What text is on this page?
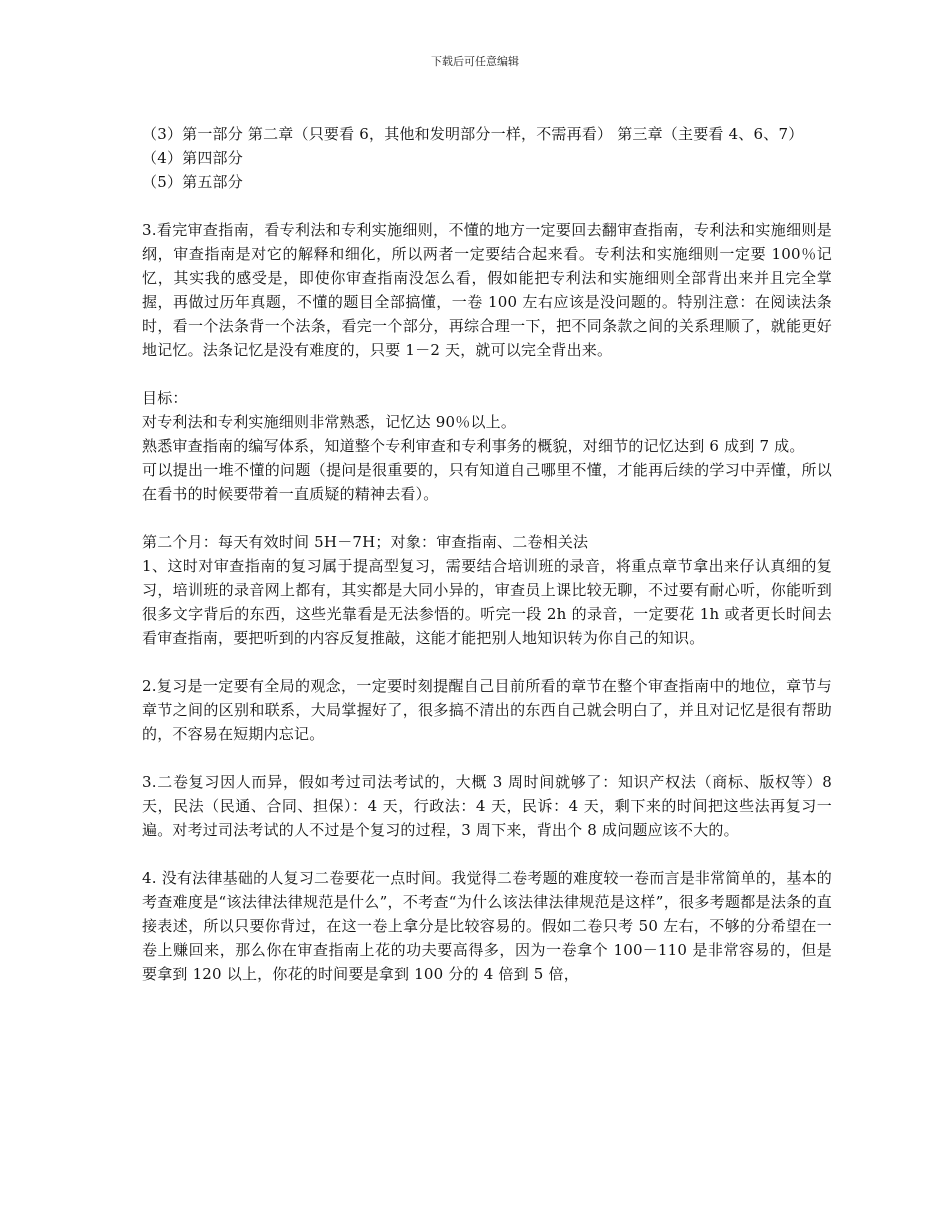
下载后可任意编辑

（3）第一部分 第二章（只要看 6，其他和发明部分一样，不需再看） 第三章（主要看 4、6、7）

（4）第四部分

（5）第五部分

3.看完审查指南，看专利法和专利实施细则，不懂的地方一定要回去翻审查指南，专利法和实施细则是纲，审查指南是对它的解释和细化，所以两者一定要结合起来看。专利法和实施细则一定要 100％记忆，其实我的感受是，即使你审查指南没怎么看，假如能把专利法和实施细则全部背出来并且完全掌握，再做过历年真题，不懂的题目全部搞懂，一卷 100 左右应该是没问题的。特别注意：在阅读法条时，看一个法条背一个法条，看完一个部分，再综合理一下，把不同条款之间的关系理顺了，就能更好地记忆。法条记忆是没有难度的，只要 1－2 天，就可以完全背出来。

目标：

对专利法和专利实施细则非常熟悉，记忆达 90％以上。

熟悉审查指南的编写体系，知道整个专利审查和专利事务的概貌，对细节的记忆达到 6 成到 7 成。

可以提出一堆不懂的问题（提问是很重要的，只有知道自己哪里不懂，才能再后续的学习中弄懂，所以在看书的时候要带着一直质疑的精神去看）。

第二个月：每天有效时间 5H－7H；对象：审查指南、二卷相关法

1、这时对审查指南的复习属于提高型复习，需要结合培训班的录音，将重点章节拿出来仔认真细的复习，培训班的录音网上都有，其实都是大同小异的，审查员上课比较无聊，不过要有耐心听，你能听到很多文字背后的东西，这些光靠看是无法参悟的。听完一段 2h 的录音，一定要花 1h 或者更长时间去看审查指南，要把听到的内容反复推敲，这能才能把别人地知识转为你自己的知识。

2.复习是一定要有全局的观念，一定要时刻提醒自己目前所看的章节在整个审查指南中的地位，章节与章节之间的区别和联系，大局掌握好了，很多搞不清出的东西自己就会明白了，并且对记忆是很有帮助的，不容易在短期内忘记。

3.二卷复习因人而异，假如考过司法考试的，大概 3 周时间就够了：知识产权法（商标、版权等）8 天，民法（民通、合同、担保）：4 天，行政法：4 天，民诉：4 天，剩下来的时间把这些法再复习一遍。对考过司法考试的人不过是个复习的过程，3 周下来，背出个 8 成问题应该不大的。

4. 没有法律基础的人复习二卷要花一点时间。我觉得二卷考题的难度较一卷而言是非常简单的，基本的考查难度是“该法律法律规范是什么”，不考查“为什么该法律法律规范是这样”，很多考题都是法条的直接表述，所以只要你背过，在这一卷上拿分是比较容易的。假如二卷只考 50 左右，不够的分希望在一卷上赚回来，那么你在审查指南上花的功夫要高得多，因为一卷拿个 100－110 是非常容易的，但是要拿到 120 以上，你花的时间要是拿到 100 分的 4 倍到 5 倍，
